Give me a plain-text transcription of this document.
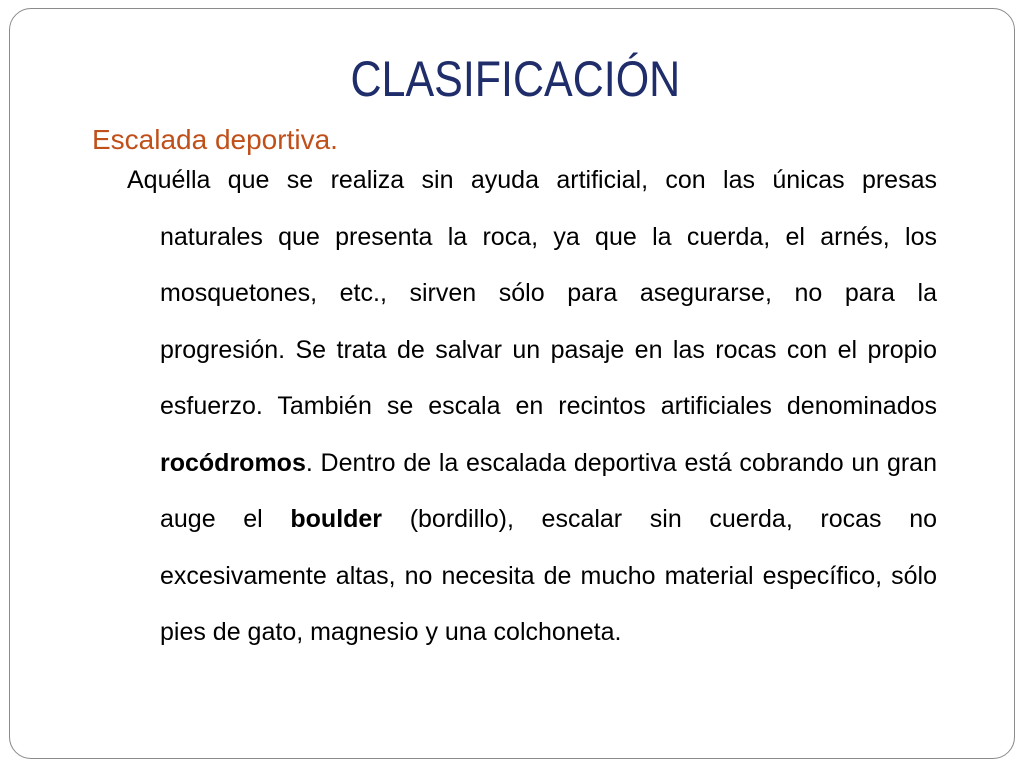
CLASIFICACIÓN
Escalada deportiva.
Aquélla que se realiza sin ayuda artificial, con las únicas presas naturales que presenta la roca, ya que la cuerda, el arnés, los mosquetones, etc., sirven sólo para asegurarse, no para la progresión. Se trata de salvar un pasaje en las rocas con el propio esfuerzo. También se escala en recintos artificiales denominados rocódromos. Dentro de la escalada deportiva está cobrando un gran auge el boulder (bordillo), escalar sin cuerda, rocas no excesivamente altas, no necesita de mucho material específico, sólo pies de gato, magnesio y una colchoneta.
